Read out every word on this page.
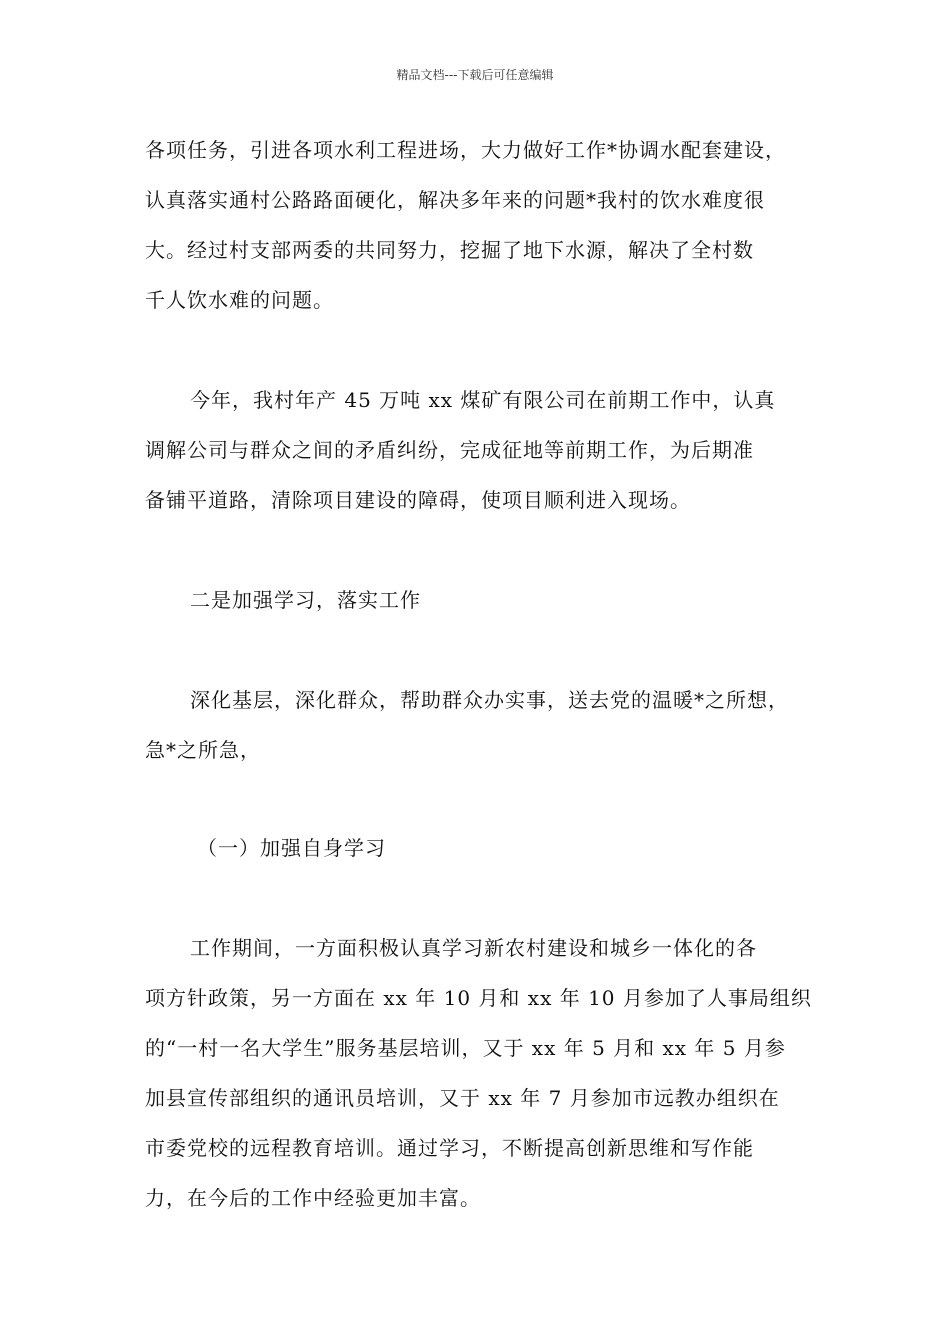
精品文档---下载后可任意编辑
各项任务，引进各项水利工程进场，大力做好工作*协调水配套建设，
认真落实通村公路路面硬化，解决多年来的问题*我村的饮水难度很
大。经过村支部两委的共同努力，挖掘了地下水源，解决了全村数
千人饮水难的问题。
今年，我村年产 45 万吨 xx 煤矿有限公司在前期工作中，认真
调解公司与群众之间的矛盾纠纷，完成征地等前期工作，为后期准
备铺平道路，清除项目建设的障碍，使项目顺利进入现场。
二是加强学习，落实工作
深化基层，深化群众，帮助群众办实事，送去党的温暖*之所想，
急*之所急，
（一）加强自身学习
工作期间，一方面积极认真学习新农村建设和城乡一体化的各
项方针政策，另一方面在 xx 年 10 月和 xx 年 10 月参加了人事局组织
的“一村一名大学生”服务基层培训，又于 xx 年 5 月和 xx 年 5 月参
加县宣传部组织的通讯员培训，又于 xx 年 7 月参加市远教办组织在
市委党校的远程教育培训。通过学习，不断提高创新思维和写作能
力，在今后的工作中经验更加丰富。
